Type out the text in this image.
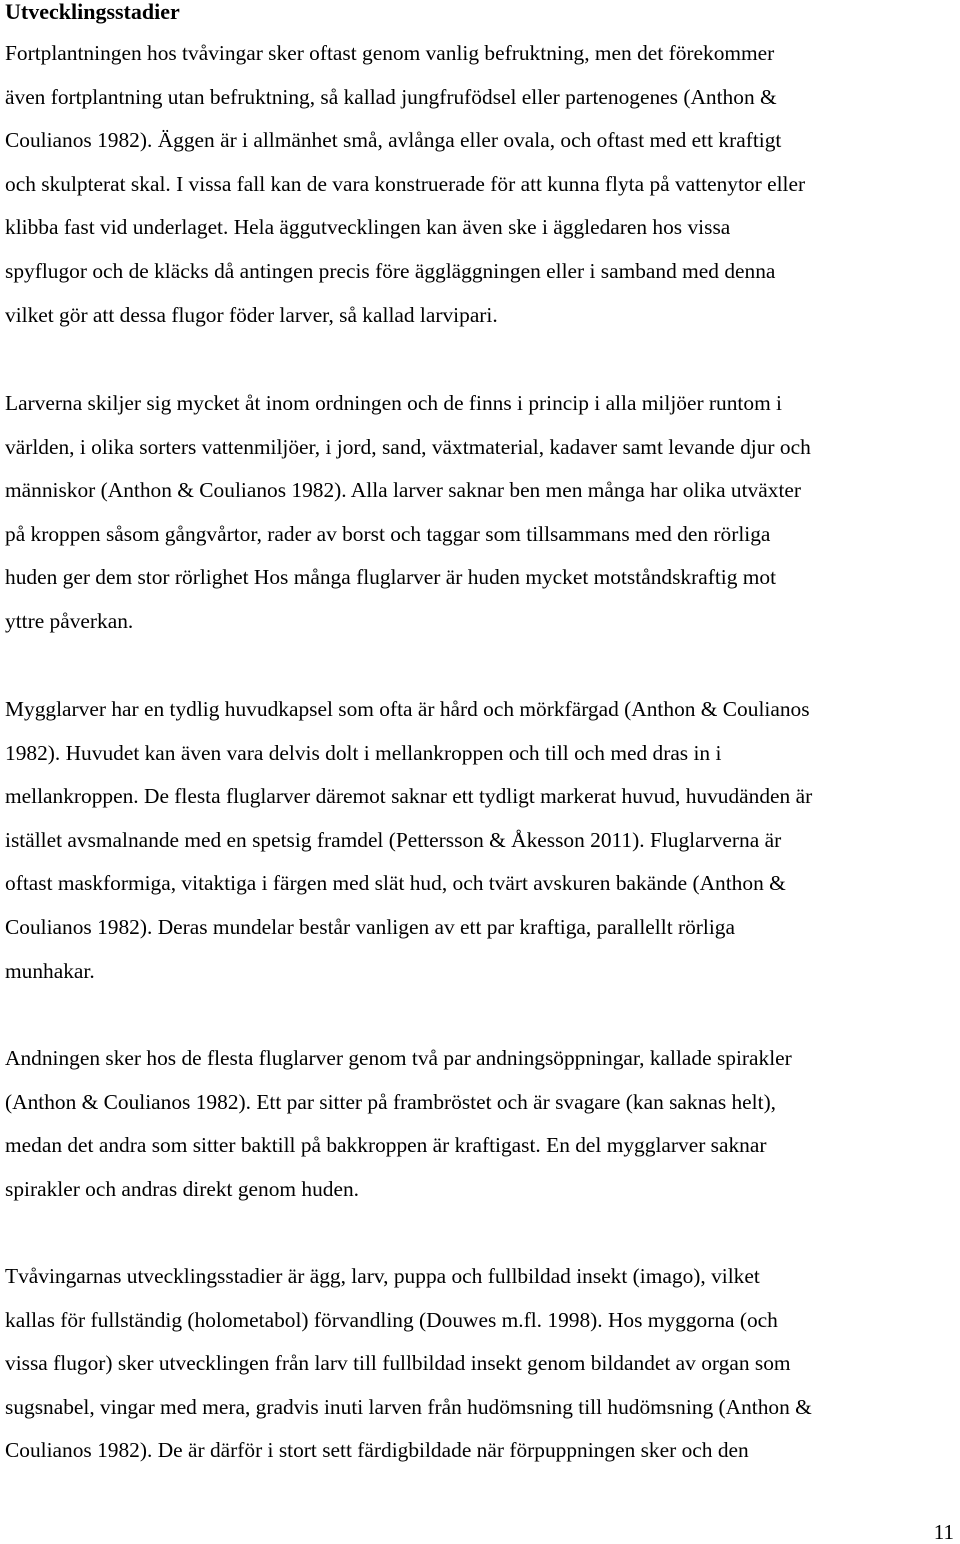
Utvecklingsstadier

Fortplantningen hos tvåvingar sker oftast genom vanlig befruktning, men det förekommer
även fortplantning utan befruktning, så kallad jungfrufödsel eller partenogenes (Anthon &
Coulianos 1982). Äggen är i allmänhet små, avlånga eller ovala, och oftast med ett kraftigt
och skulpterat skal. I vissa fall kan de vara konstruerade för att kunna flyta på vattenytor eller
klibba fast vid underlaget. Hela äggutvecklingen kan även ske i äggledaren hos vissa
spyflugor och de kläcks då antingen precis före äggläggningen eller i samband med denna
vilket gör att dessa flugor föder larver, så kallad larvipari.

Larverna skiljer sig mycket åt inom ordningen och de finns i princip i alla miljöer runtom i
världen, i olika sorters vattenmiljöer, i jord, sand, växtmaterial, kadaver samt levande djur och
människor (Anthon & Coulianos 1982). Alla larver saknar ben men många har olika utväxter
på kroppen såsom gångvårtor, rader av borst och taggar som tillsammans med den rörliga
huden ger dem stor rörlighet Hos många fluglarver är huden mycket motståndskraftig mot
yttre påverkan.

Mygglarver har en tydlig huvudkapsel som ofta är hård och mörkfärgad (Anthon & Coulianos
1982). Huvudet kan även vara delvis dolt i mellankroppen och till och med dras in i
mellankroppen. De flesta fluglarver däremot saknar ett tydligt markerat huvud, huvudänden är
istället avsmalnande med en spetsig framdel (Pettersson & Åkesson 2011). Fluglarverna är
oftast maskformiga, vitaktiga i färgen med slät hud, och tvärt avskuren bakände (Anthon &
Coulianos 1982). Deras mundelar består vanligen av ett par kraftiga, parallellt rörliga
munhakar.

Andningen sker hos de flesta fluglarver genom två par andningsöppningar, kallade spirakler
(Anthon & Coulianos 1982). Ett par sitter på frambröstet och är svagare (kan saknas helt),
medan det andra som sitter baktill på bakkroppen är kraftigast. En del mygglarver saknar
spirakler och andras direkt genom huden.

Tvåvingarnas utvecklingsstadier är ägg, larv, puppa och fullbildad insekt (imago), vilket
kallas för fullständig (holometabol) förvandling (Douwes m.fl. 1998). Hos myggorna (och
vissa flugor) sker utvecklingen från larv till fullbildad insekt genom bildandet av organ som
sugsnabel, vingar med mera, gradvis inuti larven från hudömsning till hudömsning (Anthon &
Coulianos 1982). De är därför i stort sett färdigbildade när förpuppningen sker och den

11
